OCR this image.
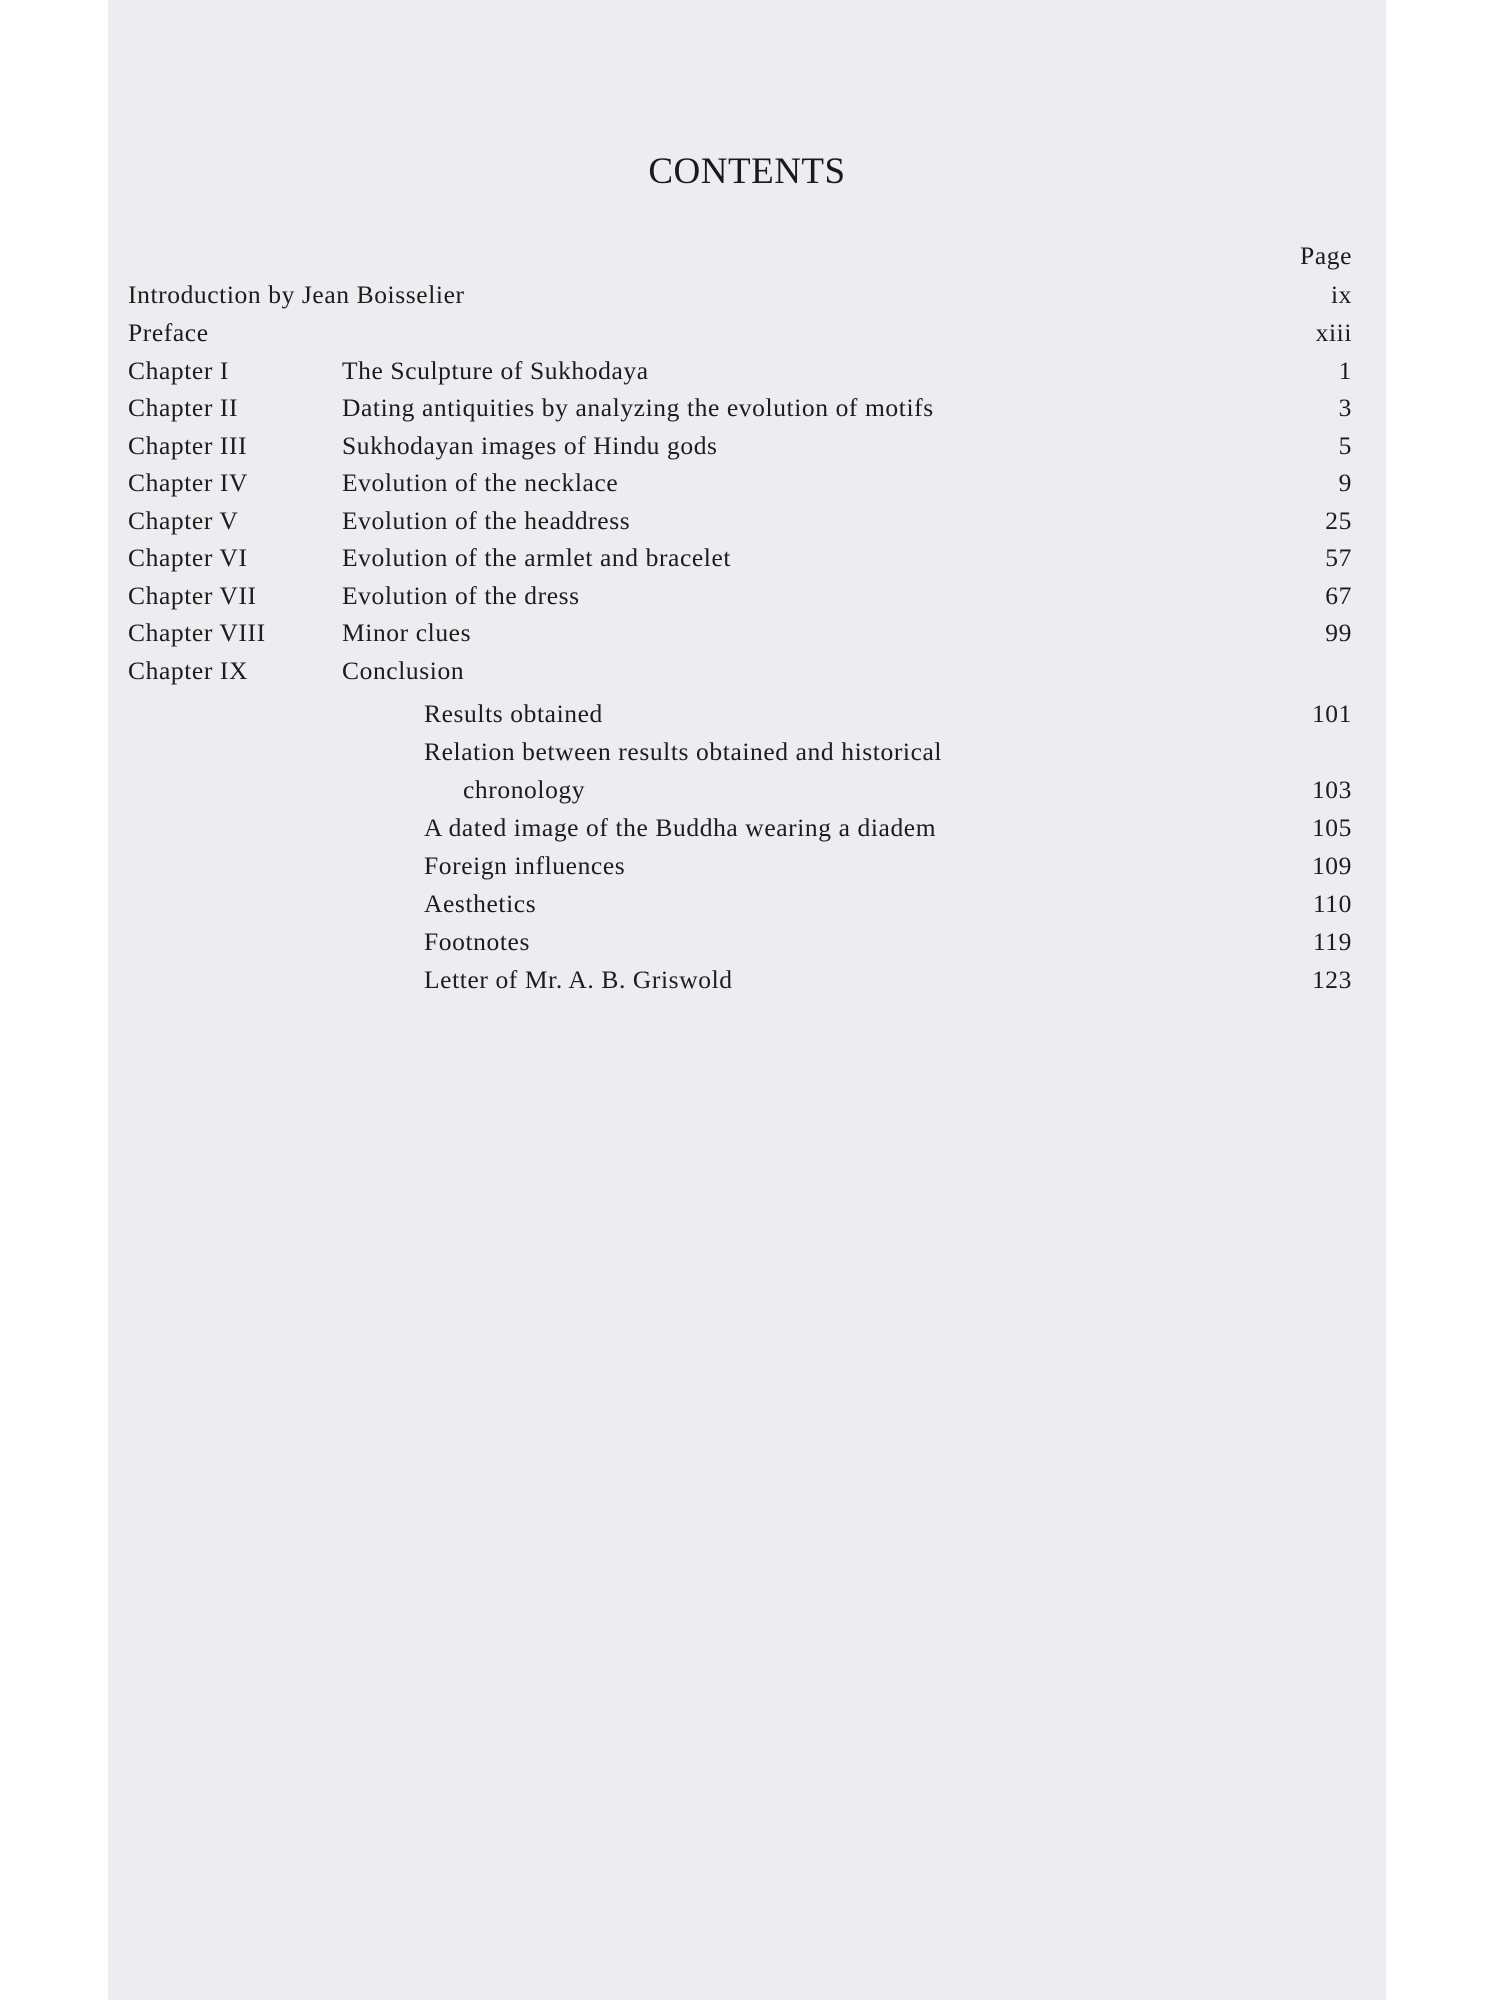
CONTENTS
Page
Introduction by Jean Boisselier	ix
Preface	xiii
Chapter I	The Sculpture of Sukhodaya	1
Chapter II	Dating antiquities by analyzing the evolution of motifs	3
Chapter III	Sukhodayan images of Hindu gods	5
Chapter IV	Evolution of the necklace	9
Chapter V	Evolution of the headdress	25
Chapter VI	Evolution of the armlet and bracelet	57
Chapter VII	Evolution of the dress	67
Chapter VIII	Minor clues	99
Chapter IX	Conclusion
Results obtained	101
Relation between results obtained and historical
chronology	103
A dated image of the Buddha wearing a diadem	105
Foreign influences	109
Aesthetics	110
Footnotes	119
Letter of Mr. A. B. Griswold	123
